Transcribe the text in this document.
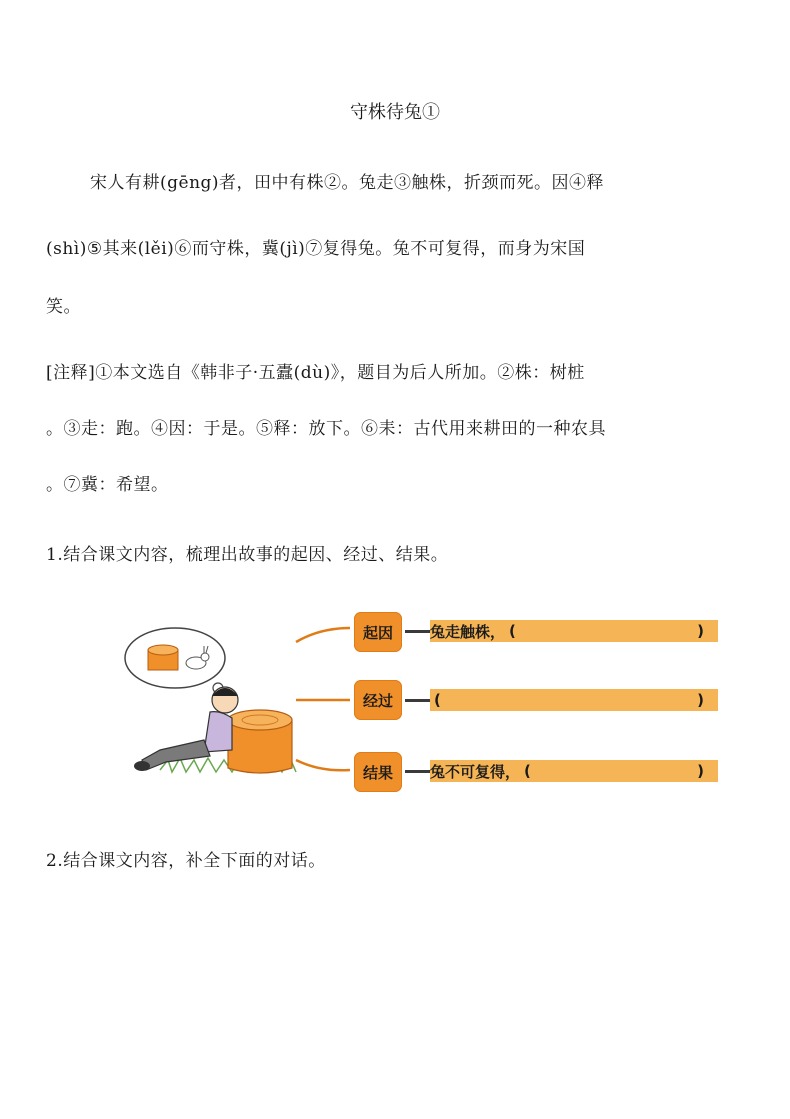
守株待兔①
宋人有耕(gēng)者，田中有株②。兔走③触株，折颈而死。因④释
(shì)⑤其来(lěi)⑥而守株，冀(jì)⑦复得兔。兔不可复得，而身为宋国
笑。
[注释]①本文选自《韩非子·五蠹(dù)》，题目为后人所加。②株：树桩
。③走：跑。④因：于是。⑤释：放下。⑥耒：古代用来耕田的一种农具
。⑦冀：希望。
1.结合课文内容，梳理出故事的起因、经过、结果。
起因	兔走触株， (	)
经过	(	)
结果	兔不可复得， (	)
2.结合课文内容，补全下面的对话。
